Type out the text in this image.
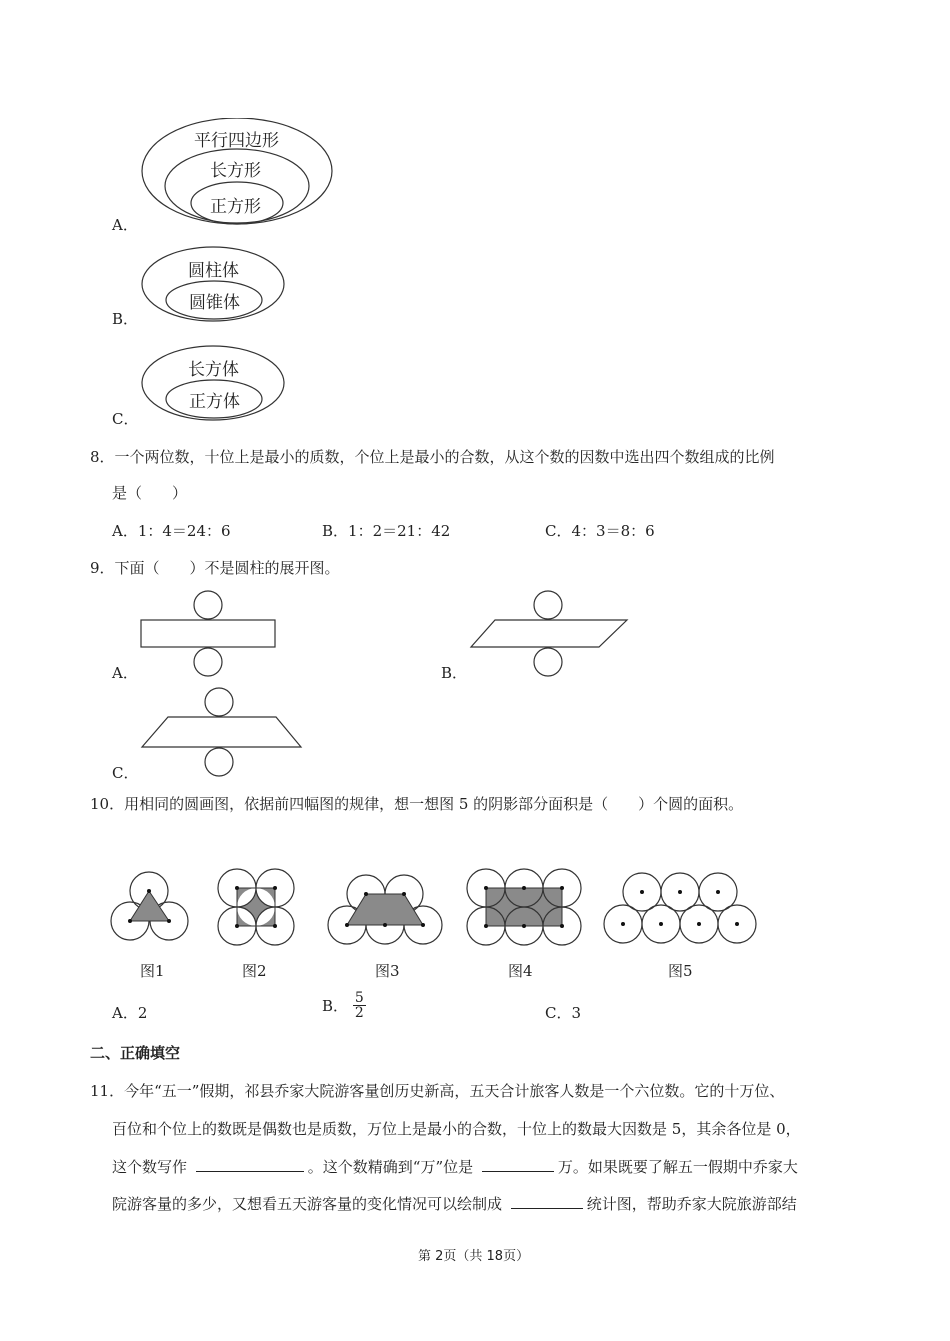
平行四边形
长方形
正方形
A．
圆柱体
圆锥体
B．
长方体
正方体
C．
8．一个两位数，十位上是最小的质数，个位上是最小的合数，从这个数的因数中选出四个数组成的比例
是（　　）
A．1：4＝24：6	B．1：2＝21：42	C．4：3＝8：6
9．下面（　　）不是圆柱的展开图。
A．	B．
C．
10．用相同的圆画图，依据前四幅图的规律，想一想图 5 的阴影部分面积是（　　）个圆的面积。
图1	图2	图3	图4	图5
A．2	B． $\frac{5}{2}$	C．3
二、正确填空
11．今年“五一”假期，祁县乔家大院游客量创历史新高，五天合计旅客人数是一个六位数。它的十万位、
百位和个位上的数既是偶数也是质数，万位上是最小的合数，十位上的数最大因数是 5，其余各位是 0，
这个数写作	。这个数精确到“万”位是	万。如果既要了解五一假期中乔家大
院游客量的多少，又想看五天游客量的变化情况可以绘制成	统计图，帮助乔家大院旅游部结
第 2页（共 18页）
